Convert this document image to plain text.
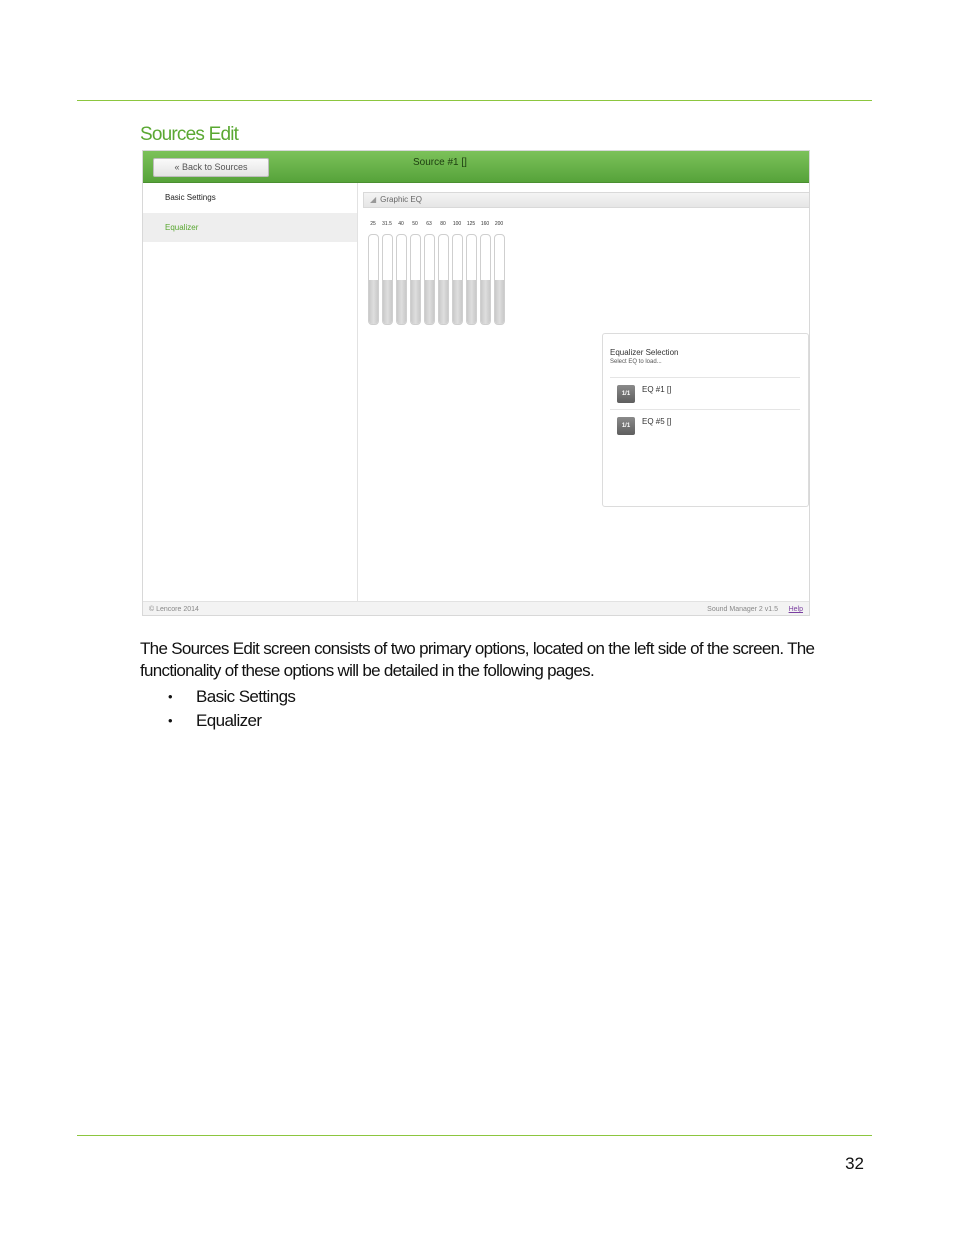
Sources Edit
« Back to Sources	Source #1 []
Basic Settings
Equalizer
◢ Graphic EQ
25	31.5	40	50	63	80	100	125	160	200
Equalizer Selection
Select EQ to load...
1/1	EQ #1 []
1/1	EQ #5 []
© Lencore 2014	Sound Manager 2 v1.5 Help
The Sources Edit screen consists of two primary options, located on the left side of the screen. The functionality of these options will be detailed in the following pages.
• Basic Settings
• Equalizer
32
